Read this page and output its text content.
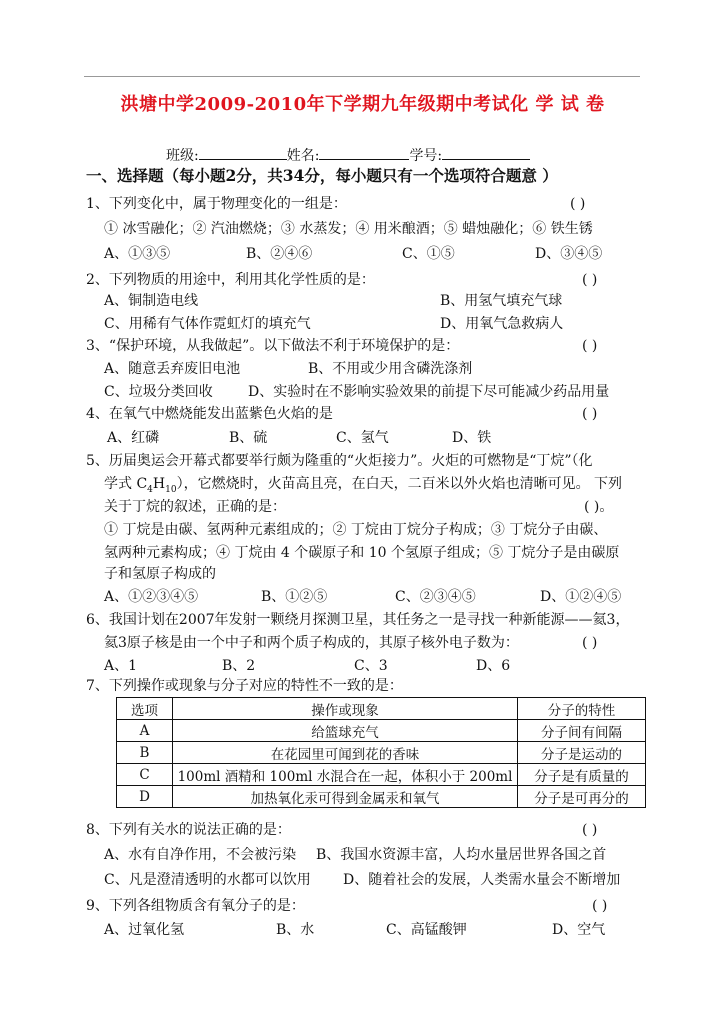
洪塘中学2009-2010年下学期九年级期中考试化 学 试 卷
班级:	姓名:	学号:
一、选择题（每小题2分，共34分，每小题只有一个选项符合题意 ）
1、下列变化中，属于物理变化的一组是：	( )
① 冰雪融化；② 汽油燃烧；③ 水蒸发；④ 用米酿酒；⑤ 蜡烛融化；⑥ 铁生锈
A、①③⑤	B、②④⑥	C、①⑤	D、③④⑤
2、下列物质的用途中，利用其化学性质的是：	( )
A、铜制造电线	B、用氢气填充气球
C、用稀有气体作霓虹灯的填充气	D、用氧气急救病人
3、“保护环境，从我做起”。以下做法不利于环境保护的是：	( )
A、随意丢弃废旧电池	B、不用或少用含磷洗涤剂
C、垃圾分类回收	D、实验时在不影响实验效果的前提下尽可能减少药品用量
4、在氧气中燃烧能发出蓝紫色火焰的是	( )
A、红磷	B、硫	C、氢气	D、铁
5、历届奥运会开幕式都要举行颇为隆重的“火炬接力”。火炬的可燃物是“丁烷”（化
学式 $C_4H_{10}$），它燃烧时，火苗高且亮，在白天，二百米以外火焰也清晰可见。 下列
关于丁烷的叙述，正确的是：	( )。
① 丁烷是由碳、氢两种元素组成的；② 丁烷由丁烷分子构成；③ 丁烷分子由碳、
氢两种元素构成；④ 丁烷由 4 个碳原子和 10 个氢原子组成；⑤ 丁烷分子是由碳原
子和氢原子构成的
A、①②③④⑤	B、①②⑤	C、②③④⑤	D、①②④⑤
6、我国计划在2007年发射一颗绕月探测卫星，其任务之一是寻找一种新能源——氦3，
氦3原子核是由一个中子和两个质子构成的，其原子核外电子数为：	( )
A、1	B、2	C、3	D、6
7、下列操作或现象与分子对应的特性不一致的是：
选项	操作或现象	分子的特性
A	给篮球充气	分子间有间隔
B	在花园里可闻到花的香味	分子是运动的
C	100ml 酒精和 100ml 水混合在一起，体积小于 200ml	分子是有质量的
D	加热氧化汞可得到金属汞和氧气	分子是可再分的
8、下列有关水的说法正确的是：	( )
A、水有自净作用，不会被污染 B、我国水资源丰富，人均水量居世界各国之首
C、凡是澄清透明的水都可以饮用 D、随着社会的发展，人类需水量会不断增加
9、下列各组物质含有氧分子的是：	( )
A、过氧化氢	B、水	C、高锰酸钾	D、空气
